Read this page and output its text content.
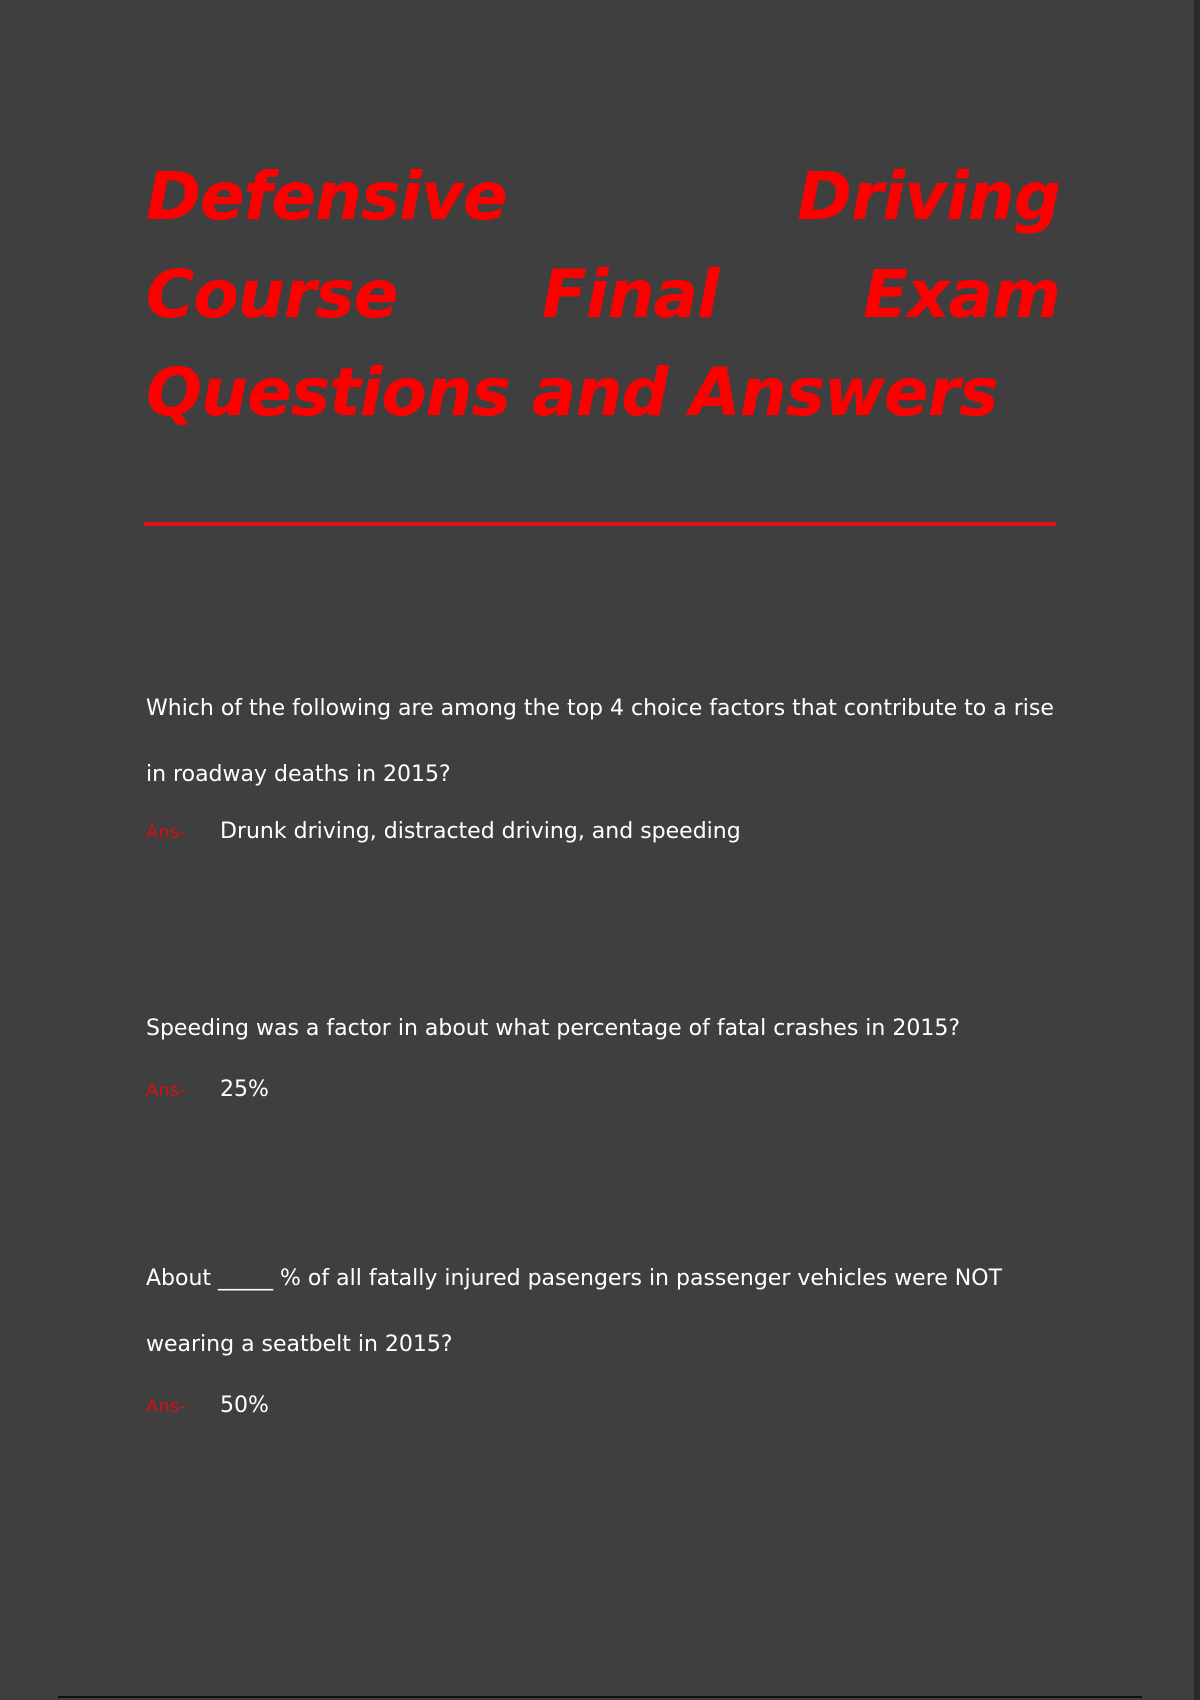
Defensive Driving Course Final Exam Questions and Answers

Which of the following are among the top 4 choice factors that contribute to a rise in roadway deaths in 2015?

Ans-	Drunk driving, distracted driving, and speeding

Speeding was a factor in about what percentage of fatal crashes in 2015?

Ans-	25%

About _____ % of all fatally injured pasengers in passenger vehicles were NOT wearing a seatbelt in 2015?

Ans-	50%
